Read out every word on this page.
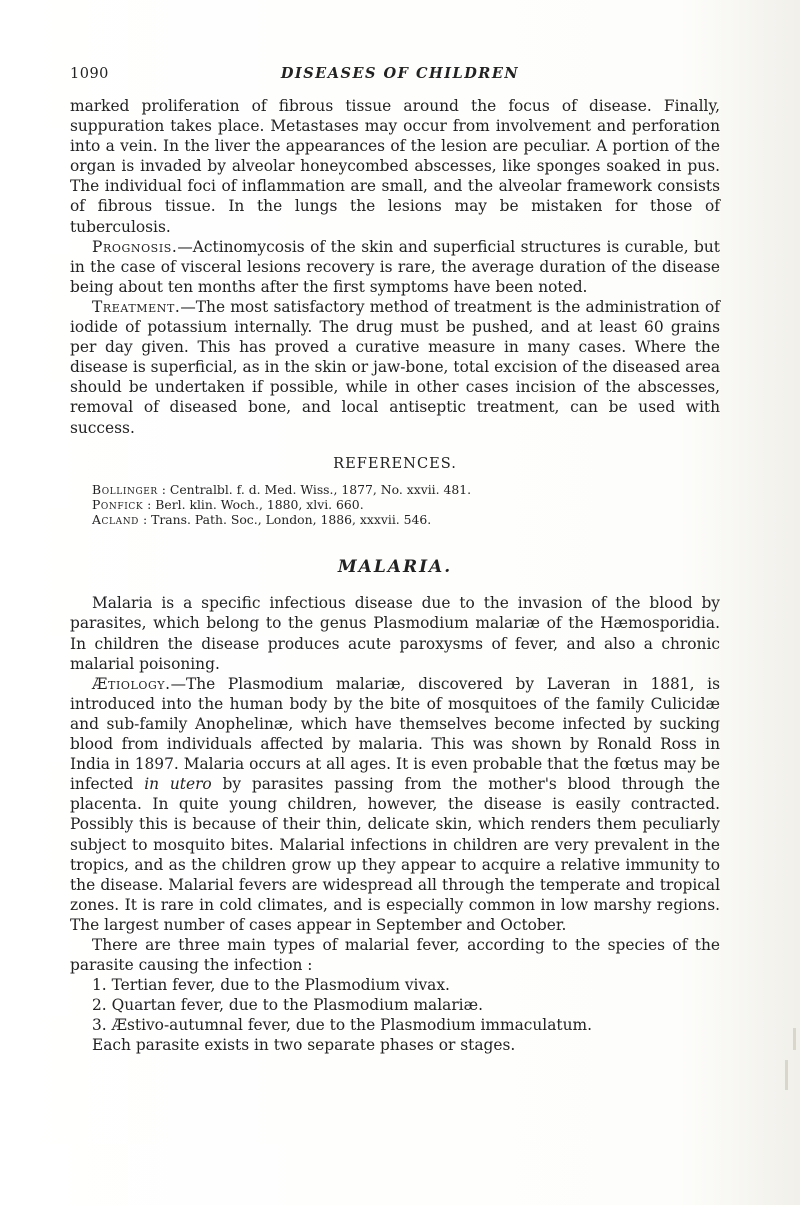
1090	DISEASES OF CHILDREN

marked proliferation of fibrous tissue around the focus of disease. Finally, suppuration takes place. Metastases may occur from involvement and perforation into a vein. In the liver the appearances of the lesion are peculiar. A portion of the organ is invaded by alveolar honeycombed abscesses, like sponges soaked in pus. The individual foci of inflammation are small, and the alveolar framework consists of fibrous tissue. In the lungs the lesions may be mistaken for those of tuberculosis.

Prognosis.—Actinomycosis of the skin and superficial structures is curable, but in the case of visceral lesions recovery is rare, the average duration of the disease being about ten months after the first symptoms have been noted.

Treatment.—The most satisfactory method of treatment is the administration of iodide of potassium internally. The drug must be pushed, and at least 60 grains per day given. This has proved a curative measure in many cases. Where the disease is superficial, as in the skin or jaw-bone, total excision of the diseased area should be undertaken if possible, while in other cases incision of the abscesses, removal of diseased bone, and local antiseptic treatment, can be used with success.

REFERENCES.
Bollinger : Centralbl. f. d. Med. Wiss., 1877, No. xxvii. 481.
Ponfick : Berl. klin. Woch., 1880, xlvi. 660.
Acland : Trans. Path. Soc., London, 1886, xxxvii. 546.
MALARIA.

Malaria is a specific infectious disease due to the invasion of the blood by parasites, which belong to the genus Plasmodium malariæ of the Hæmosporidia. In children the disease produces acute paroxysms of fever, and also a chronic malarial poisoning.

Ætiology.—The Plasmodium malariæ, discovered by Laveran in 1881, is introduced into the human body by the bite of mosquitoes of the family Culicidæ and sub-family Anophelinæ, which have themselves become infected by sucking blood from individuals affected by malaria. This was shown by Ronald Ross in India in 1897. Malaria occurs at all ages. It is even probable that the fœtus may be infected in utero by parasites passing from the mother's blood through the placenta. In quite young children, however, the disease is easily contracted. Possibly this is because of their thin, delicate skin, which renders them peculiarly subject to mosquito bites. Malarial infections in children are very prevalent in the tropics, and as the children grow up they appear to acquire a relative immunity to the disease. Malarial fevers are widespread all through the temperate and tropical zones. It is rare in cold climates, and is especially common in low marshy regions. The largest number of cases appear in September and October.

There are three main types of malarial fever, according to the species of the parasite causing the infection :

1. Tertian fever, due to the Plasmodium vivax.

2. Quartan fever, due to the Plasmodium malariæ.

3. Æstivo-autumnal fever, due to the Plasmodium immaculatum.

Each parasite exists in two separate phases or stages.
